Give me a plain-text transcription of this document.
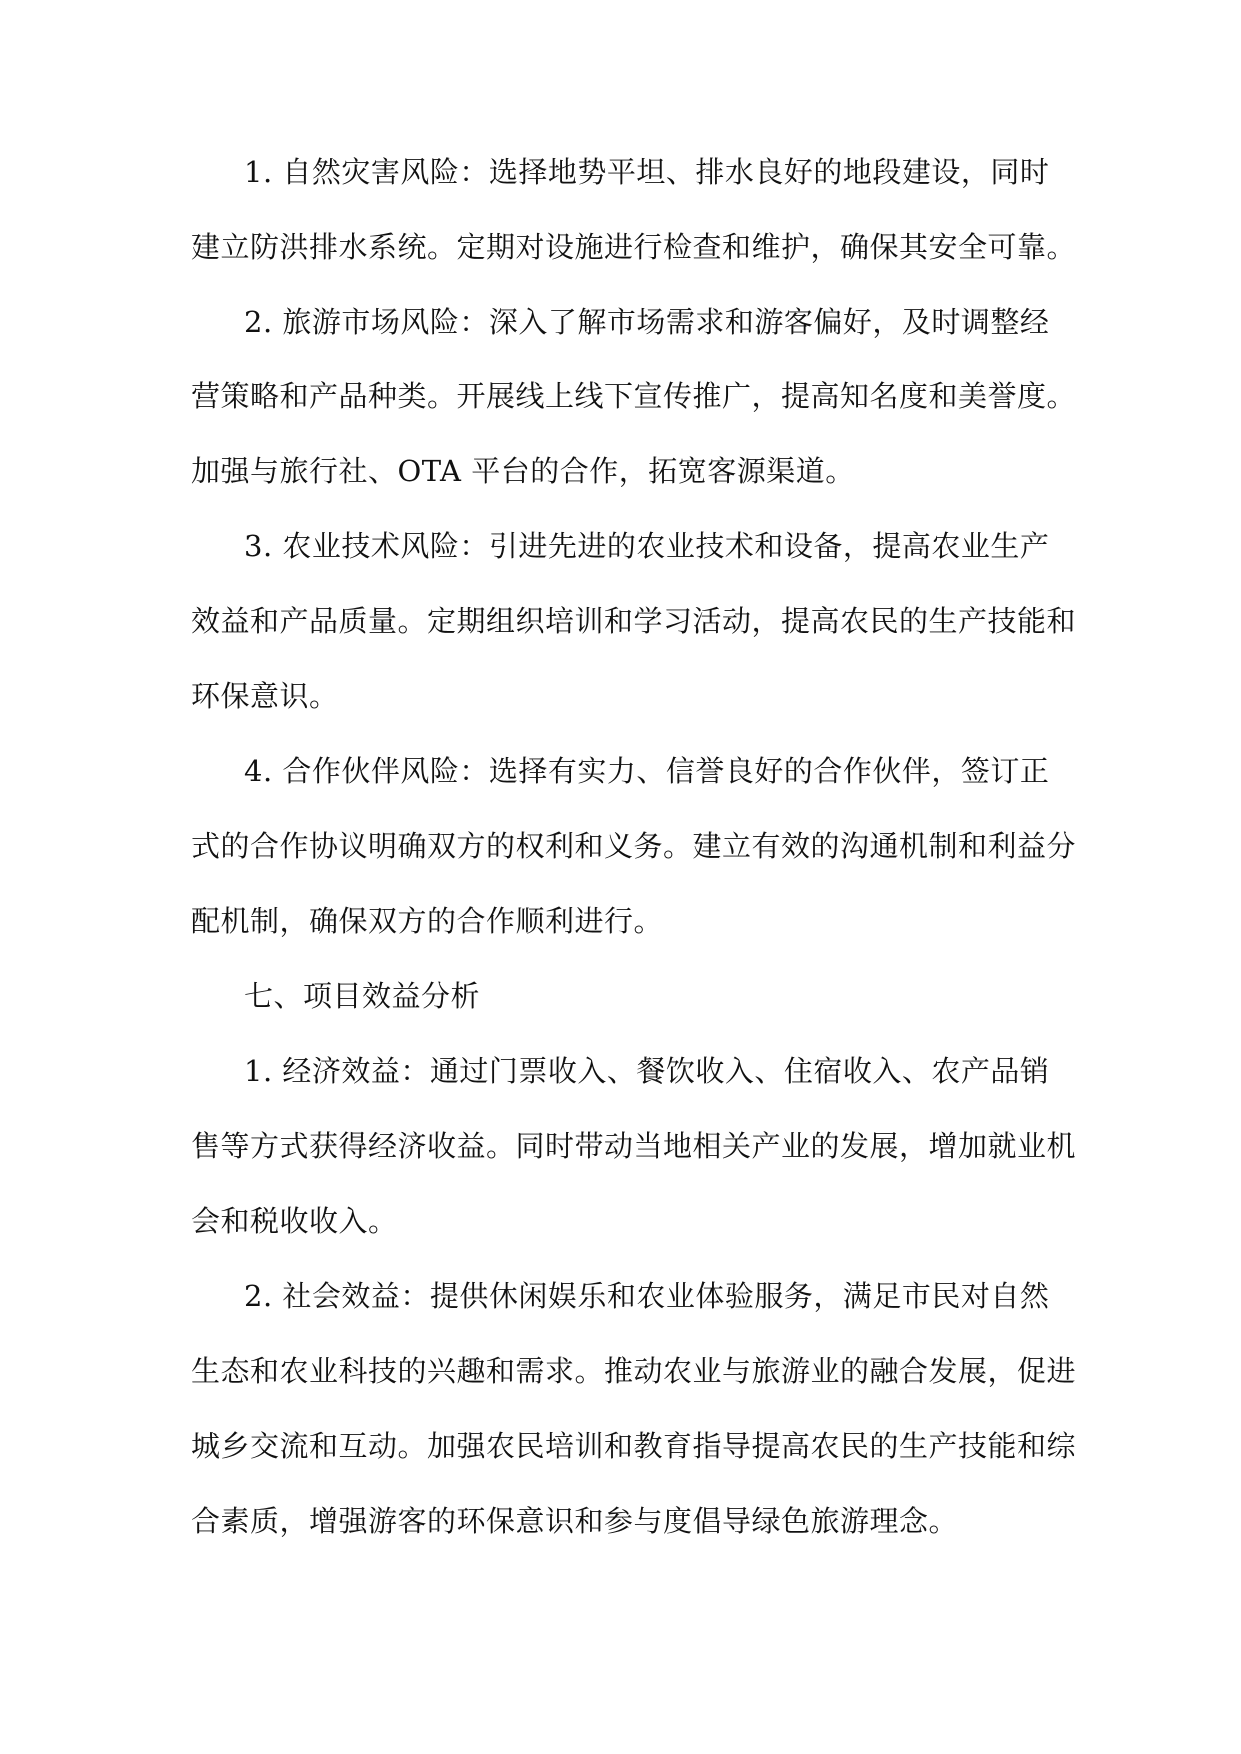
1. 自然灾害风险：选择地势平坦、排水良好的地段建设，同时
建立防洪排水系统。定期对设施进行检查和维护，确保其安全可靠。
2. 旅游市场风险：深入了解市场需求和游客偏好，及时调整经
营策略和产品种类。开展线上线下宣传推广，提高知名度和美誉度。
加强与旅行社、OTA 平台的合作，拓宽客源渠道。
3. 农业技术风险：引进先进的农业技术和设备，提高农业生产
效益和产品质量。定期组织培训和学习活动，提高农民的生产技能和
环保意识。
4. 合作伙伴风险：选择有实力、信誉良好的合作伙伴，签订正
式的合作协议明确双方的权利和义务。建立有效的沟通机制和利益分
配机制，确保双方的合作顺利进行。
七、项目效益分析
1. 经济效益：通过门票收入、餐饮收入、住宿收入、农产品销
售等方式获得经济收益。同时带动当地相关产业的发展，增加就业机
会和税收收入。
2. 社会效益：提供休闲娱乐和农业体验服务，满足市民对自然
生态和农业科技的兴趣和需求。推动农业与旅游业的融合发展，促进
城乡交流和互动。加强农民培训和教育指导提高农民的生产技能和综
合素质，增强游客的环保意识和参与度倡导绿色旅游理念。
